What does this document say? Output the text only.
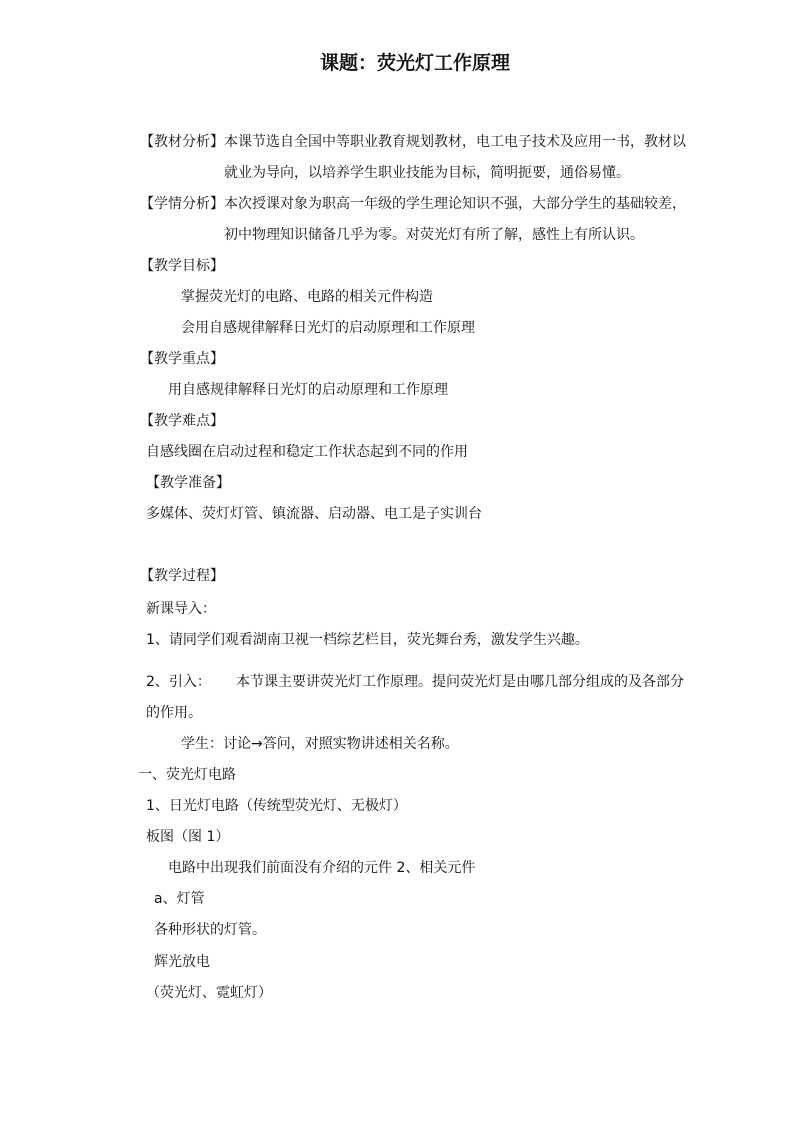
课题：荧光灯工作原理
【教材分析】 本课节选自全国中等职业教育规划教材，电工电子技术及应用一书，教材以
就业为导向，以培养学生职业技能为目标，简明扼要，通俗易懂。
【学情分析】 本次授课对象为职高一年级的学生理论知识不强，大部分学生的基础较差，
初中物理知识储备几乎为零。对荧光灯有所了解，感性上有所认识。
【教学目标】
掌握荧光灯的电路、电路的相关元件构造
会用自感规律解释日光灯的启动原理和工作原理
【教学重点】
用自感规律解释日光灯的启动原理和工作原理
【教学难点】
自感线圈在启动过程和稳定工作状态起到不同的作用
【教学准备】
多媒体、荧灯灯管、镇流器、启动器、电工是子实训台
【教学过程】
新课导入：
1、请同学们观看湖南卫视一档综艺栏目，荧光舞台秀，激发学生兴趣。
2、引入： 本节课主要讲荧光灯工作原理。提问荧光灯是由哪几部分组成的及各部分
的作用。
学生：讨论→答问，对照实物讲述相关名称。
一、荧光灯电路
1、日光灯电路（传统型荧光灯、无极灯）
板图（图 1）
电路中出现我们前面没有介绍的元件 2、相关元件
a、灯管
各种形状的灯管。
辉光放电
（荧光灯、霓虹灯）
